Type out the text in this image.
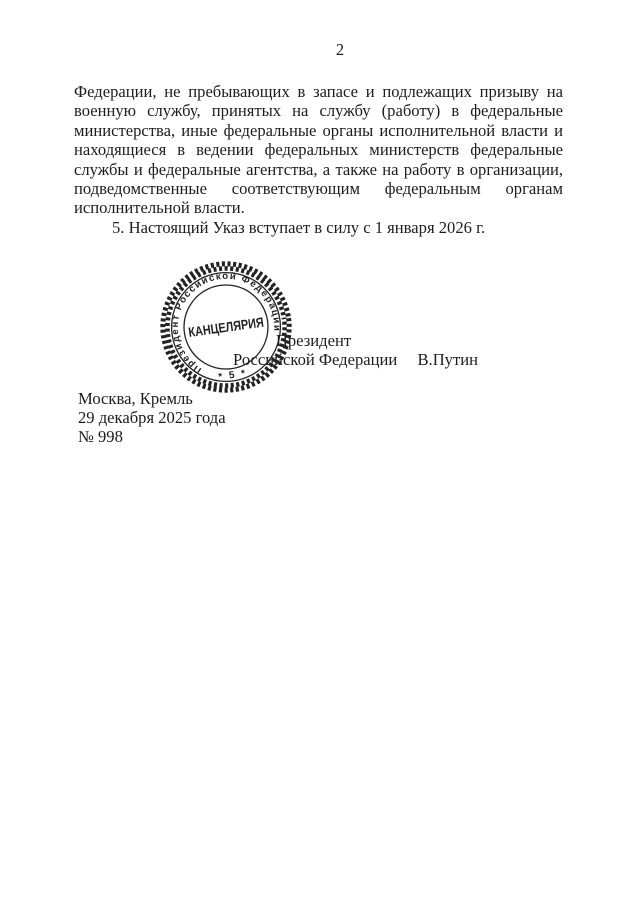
2
Федерации, не пребывающих в запасе и подлежащих призыву на
военную службу, принятых на службу (работу) в федеральные
министерства, иные федеральные органы исполнительной власти и
находящиеся в ведении федеральных министерств федеральные
службы и федеральные агентства, а также на работу в организации,
подведомственные соответствующим федеральным органам
исполнительной власти.
5. Настоящий Указ вступает в силу с 1 января 2026 г.
Президент
Российской Федерации В.Путин
Москва, Кремль
29 декабря 2025 года
№ 998
Президент Российской Федерации
* 5 *
КАНЦЕЛЯРИЯ
